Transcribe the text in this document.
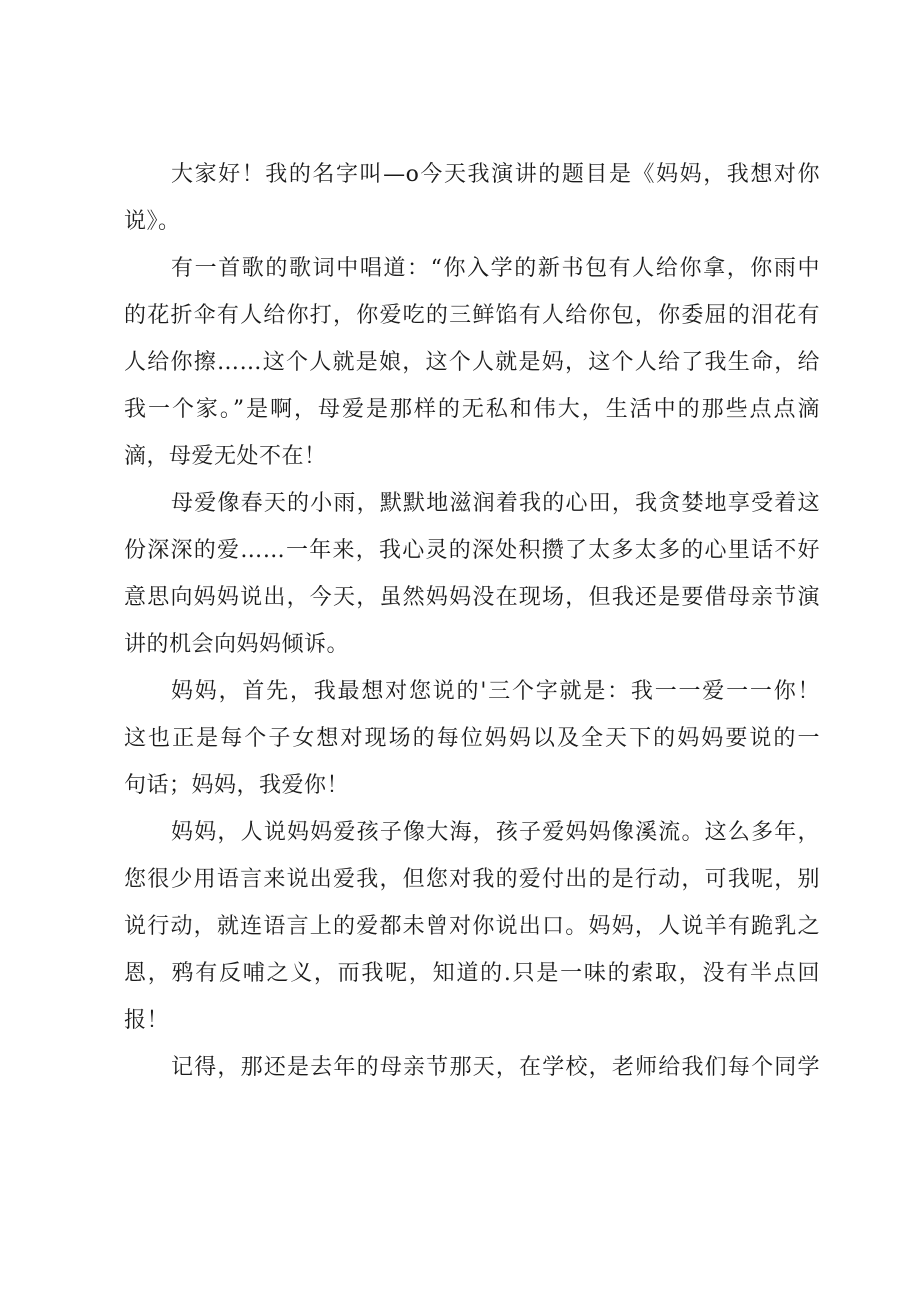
大家好！我的名字叫—o今天我演讲的题目是《妈妈，我想对你
说》。
有一首歌的歌词中唱道：“你入学的新书包有人给你拿，你雨中
的花折伞有人给你打，你爱吃的三鲜馅有人给你包，你委屈的泪花有
人给你擦……这个人就是娘，这个人就是妈，这个人给了我生命，给
我一个家。”是啊，母爱是那样的无私和伟大，生活中的那些点点滴
滴，母爱无处不在！
母爱像春天的小雨，默默地滋润着我的心田，我贪婪地享受着这
份深深的爱……一年来，我心灵的深处积攒了太多太多的心里话不好
意思向妈妈说出，今天，虽然妈妈没在现场，但我还是要借母亲节演
讲的机会向妈妈倾诉。
妈妈，首先，我最想对您说的'三个字就是：我一一爱一一你！
这也正是每个子女想对现场的每位妈妈以及全天下的妈妈要说的一
句话；妈妈，我爱你！
妈妈，人说妈妈爱孩子像大海，孩子爱妈妈像溪流。这么多年，
您很少用语言来说出爱我，但您对我的爱付出的是行动，可我呢，别
说行动，就连语言上的爱都未曾对你说出口。妈妈，人说羊有跪乳之
恩，鸦有反哺之义，而我呢，知道的.只是一味的索取，没有半点回
报！
记得，那还是去年的母亲节那天，在学校，老师给我们每个同学
